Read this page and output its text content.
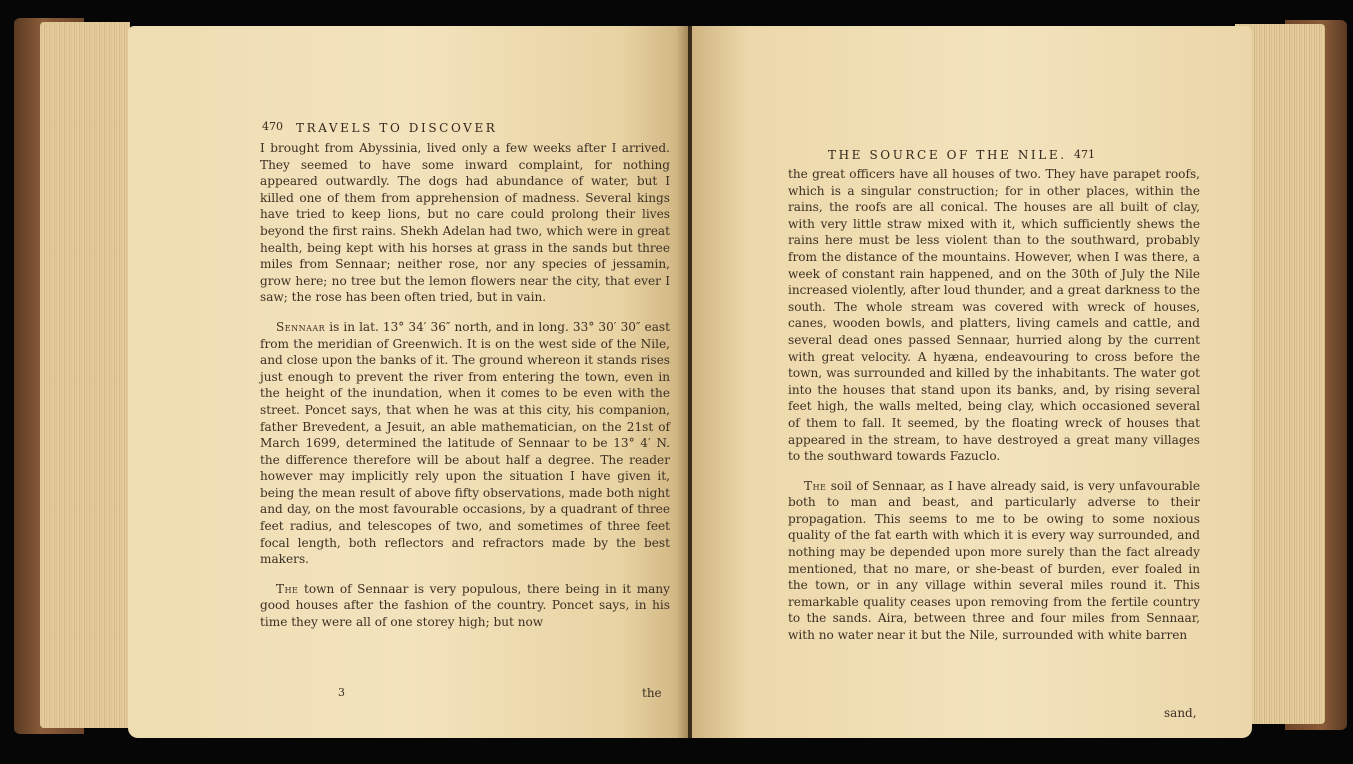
470 TRAVELS TO DISCOVER

I brought from Abyssinia, lived only a few weeks after I arrived. They seemed to have some inward complaint, for nothing appeared outwardly. The dogs had abundance of water, but I killed one of them from apprehension of madness. Several kings have tried to keep lions, but no care could prolong their lives beyond the first rains. Shekh Adelan had two, which were in great health, being kept with his horses at grass in the sands but three miles from Sennaar; neither rose, nor any species of jessamin, grow here; no tree but the lemon flowers near the city, that ever I saw; the rose has been often tried, but in vain.

Sennaar is in lat. 13° 34′ 36″ north, and in long. 33° 30′ 30″ east from the meridian of Greenwich. It is on the west side of the Nile, and close upon the banks of it. The ground whereon it stands rises just enough to prevent the river from entering the town, even in the height of the inundation, when it comes to be even with the street. Poncet says, that when he was at this city, his companion, father Brevedent, a Jesuit, an able mathematician, on the 21st of March 1699, determined the latitude of Sennaar to be 13° 4′ N. the difference therefore will be about half a degree. The reader however may implicitly rely upon the situation I have given it, being the mean result of above fifty observations, made both night and day, on the most favourable occasions, by a quadrant of three feet radius, and telescopes of two, and sometimes of three feet focal length, both reflectors and refractors made by the best makers.

The town of Sennaar is very populous, there being in it many good houses after the fashion of the country. Poncet says, in his time they were all of one storey high; but now

3	the
THE SOURCE OF THE NILE. 471

the great officers have all houses of two. They have parapet roofs, which is a singular construction; for in other places, within the rains, the roofs are all conical. The houses are all built of clay, with very little straw mixed with it, which sufficiently shews the rains here must be less violent than to the southward, probably from the distance of the mountains. However, when I was there, a week of constant rain happened, and on the 30th of July the Nile increased violently, after loud thunder, and a great darkness to the south. The whole stream was covered with wreck of houses, canes, wooden bowls, and platters, living camels and cattle, and several dead ones passed Sennaar, hurried along by the current with great velocity. A hyæna, endeavouring to cross before the town, was surrounded and killed by the inhabitants. The water got into the houses that stand upon its banks, and, by rising several feet high, the walls melted, being clay, which occasioned several of them to fall. It seemed, by the floating wreck of houses that appeared in the stream, to have destroyed a great many villages to the southward towards Fazuclo.

The soil of Sennaar, as I have already said, is very unfavourable both to man and beast, and particularly adverse to their propagation. This seems to me to be owing to some noxious quality of the fat earth with which it is every way surrounded, and nothing may be depended upon more surely than the fact already mentioned, that no mare, or she-beast of burden, ever foaled in the town, or in any village within several miles round it. This remarkable quality ceases upon removing from the fertile country to the sands. Aira, between three and four miles from Sennaar, with no water near it but the Nile, surrounded with white barren

sand,
